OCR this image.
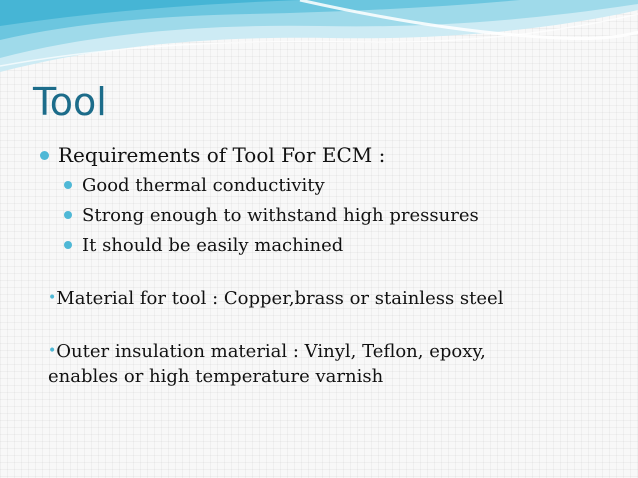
Tool
Requirements of Tool For ECM :
Good thermal conductivity
Strong enough to withstand high pressures
It should be easily machined
•Material for tool : Copper,brass or stainless steel
•Outer insulation material : Vinyl, Teflon, epoxy, enables or high temperature varnish
